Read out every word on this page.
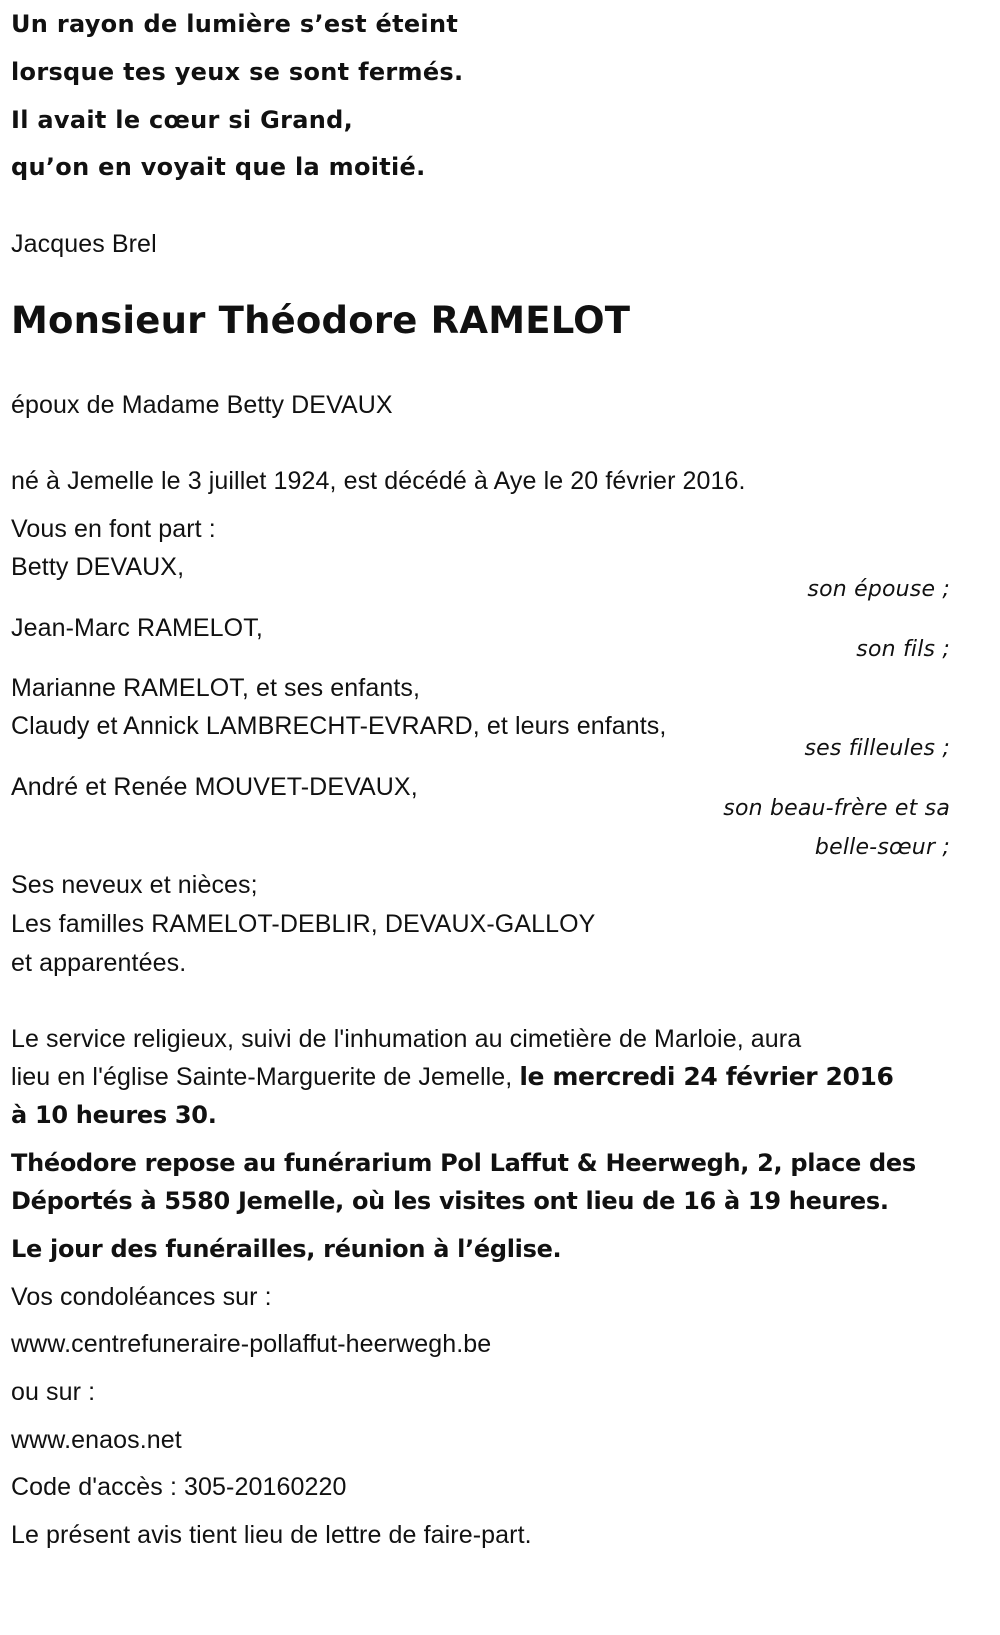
Un rayon de lumière s’est éteint
lorsque tes yeux se sont fermés.
Il avait le cœur si Grand,
qu’on en voyait que la moitié.
Jacques Brel
Monsieur Théodore RAMELOT
époux de Madame Betty DEVAUX
né à Jemelle le 3 juillet 1924, est décédé à Aye le 20 février 2016.
Vous en font part :
Betty DEVAUX,
son épouse ;
Jean-Marc RAMELOT,
son fils ;
Marianne RAMELOT, et ses enfants,
Claudy et Annick LAMBRECHT-EVRARD, et leurs enfants,
ses filleules ;
André et Renée MOUVET-DEVAUX,
son beau-frère et sa
belle-sœur ;
Ses neveux et nièces;
Les familles RAMELOT-DEBLIR, DEVAUX-GALLOY
et apparentées.
Le service religieux, suivi de l'inhumation au cimetière de Marloie, aura
lieu en l'église Sainte-Marguerite de Jemelle, le mercredi 24 février 2016
à 10 heures 30.
Théodore repose au funérarium Pol Laffut & Heerwegh, 2, place des
Déportés à 5580 Jemelle, où les visites ont lieu de 16 à 19 heures.
Le jour des funérailles, réunion à l’église.
Vos condoléances sur :
www.centrefuneraire-pollaffut-heerwegh.be
ou sur :
www.enaos.net
Code d'accès : 305-20160220
Le présent avis tient lieu de lettre de faire-part.
